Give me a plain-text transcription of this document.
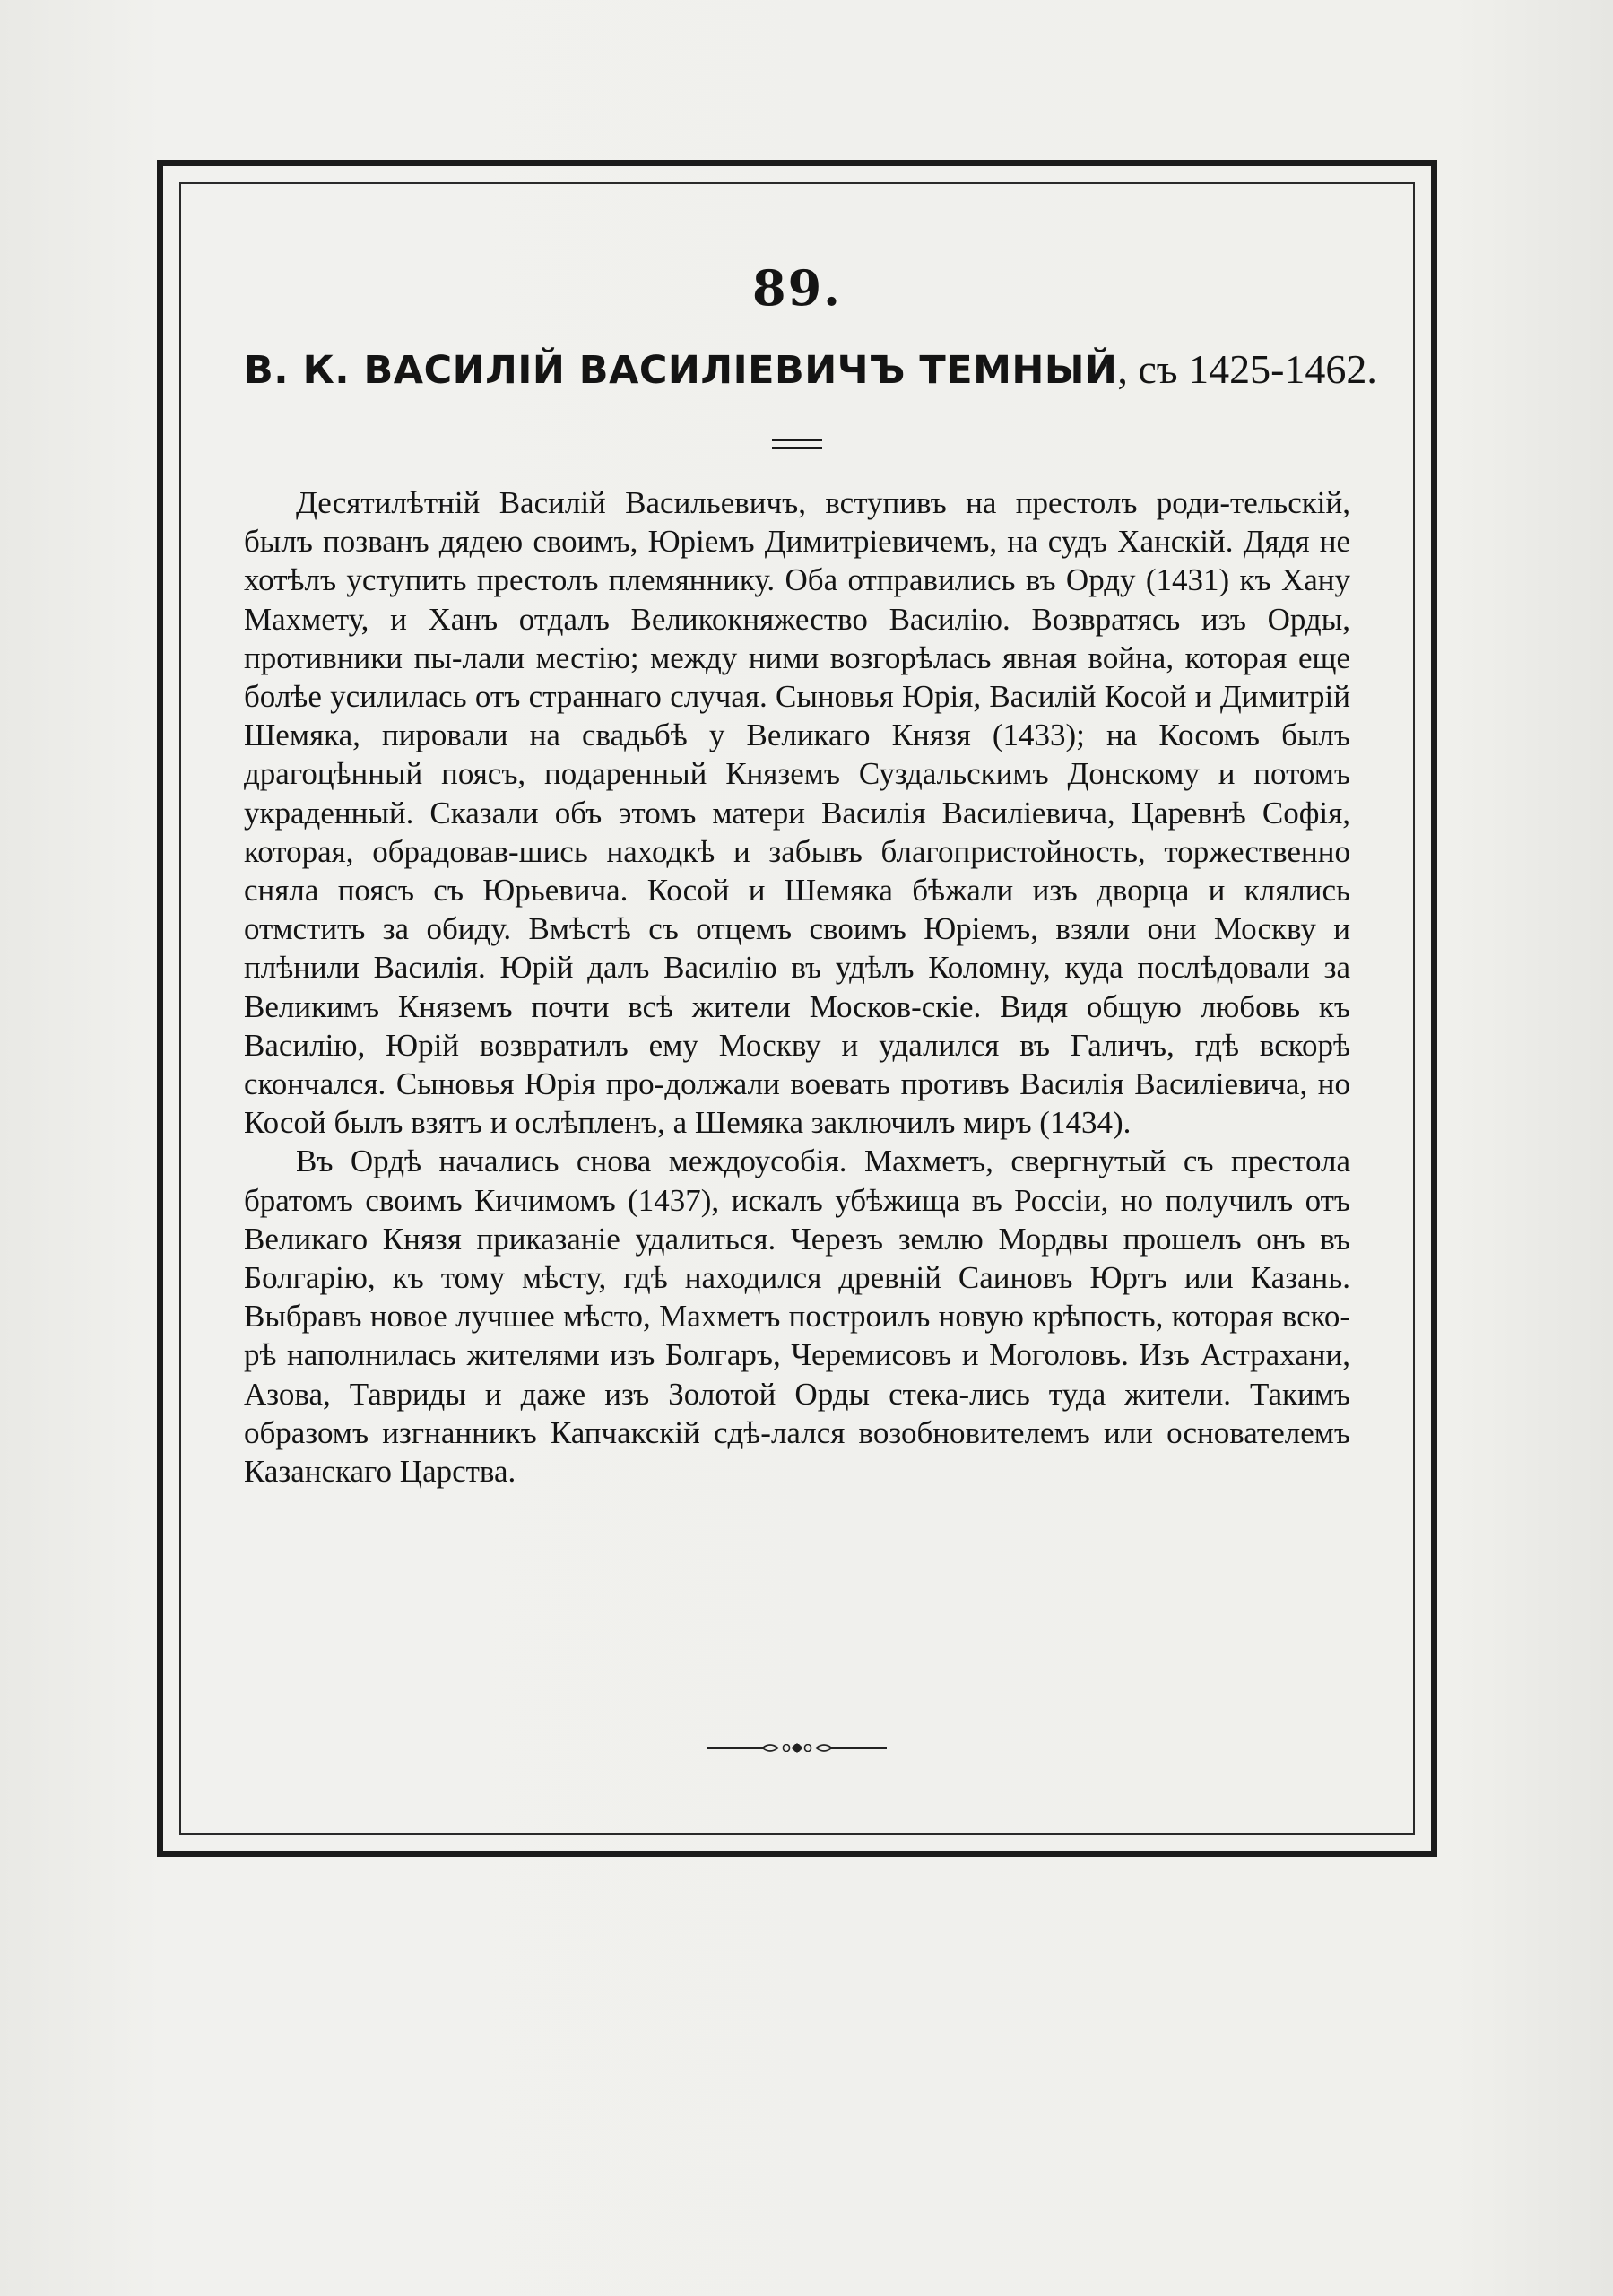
89.
В. К. ВАСИЛІЙ ВАСИЛІЕВИЧЪ ТЕМНЫЙ, съ 1425-1462.

Десятилѣтній Василій Васильевичъ, вступивъ на престолъ роди-тельскій, былъ позванъ дядею своимъ, Юріемъ Димитріевичемъ, на судъ Ханскій. Дядя не хотѣлъ уступить престолъ племяннику. Оба отправились въ Орду (1431) къ Хану Махмету, и Ханъ отдалъ Великокняжество Василію. Возвратясь изъ Орды, противники пы-лали местію; между ними возгорѣлась явная война, которая еще болѣе усилилась отъ страннаго случая. Сыновья Юрія, Василій Косой и Димитрій Шемяка, пировали на свадьбѣ у Великаго Князя (1433); на Косомъ былъ драгоцѣнный поясъ, подаренный Княземъ Суздальскимъ Донскому и потомъ украденный. Сказали объ этомъ матери Василія Василіевича, Царевнѣ Софія, которая, обрадовав-шись находкѣ и забывъ благопристойность, торжественно сняла поясъ съ Юрьевича. Косой и Шемяка бѣжали изъ дворца и клялись отмстить за обиду. Вмѣстѣ съ отцемъ своимъ Юріемъ, взяли они Москву и плѣнили Василія. Юрій далъ Василію въ удѣлъ Коломну, куда послѣдовали за Великимъ Княземъ почти всѣ жители Москов-скіе. Видя общую любовь къ Василію, Юрій возвратилъ ему Москву и удалился въ Галичъ, гдѣ вскорѣ скончался. Сыновья Юрія про-должали воевать противъ Василія Василіевича, но Косой былъ взятъ и ослѣпленъ, а Шемяка заключилъ миръ (1434).

Въ Ордѣ начались снова междоусобія. Махметъ, свергнутый съ престола братомъ своимъ Кичимомъ (1437), искалъ убѣжища въ Россіи, но получилъ отъ Великаго Князя приказаніе удалиться. Черезъ землю Мордвы прошелъ онъ въ Болгарію, къ тому мѣсту, гдѣ находился древній Саиновъ Юртъ или Казань. Выбравъ новое лучшее мѣсто, Махметъ построилъ новую крѣпость, которая вско-рѣ наполнилась жителями изъ Болгаръ, Черемисовъ и Моголовъ. Изъ Астрахани, Азова, Тавриды и даже изъ Золотой Орды стека-лись туда жители. Такимъ образомъ изгнанникъ Капчакскій сдѣ-лался возобновителемъ или основателемъ Казанскаго Царства.
